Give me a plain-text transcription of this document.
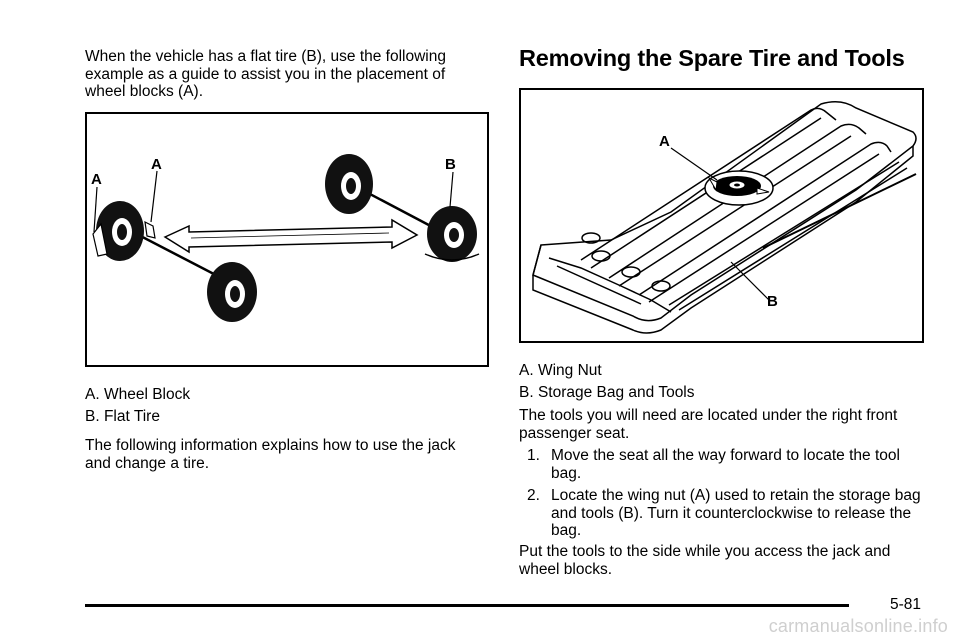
When the vehicle has a flat tire (B), use the following example as a guide to assist you in the placement of wheel blocks (A).

A
A	B
A. Wheel Block
B. Flat Tire

The following information explains how to use the jack and change a tire.

Removing the Spare Tire and Tools
A
B
A. Wing Nut
B. Storage Bag and Tools

The tools you will need are located under the right front passenger seat.

1. Move the seat all the way forward to locate the tool bag.
2. Locate the wing nut (A) used to retain the storage bag and tools (B). Turn it counterclockwise to release the bag.

Put the tools to the side while you access the jack and wheel blocks.

5-81
carmanualsonline.info
